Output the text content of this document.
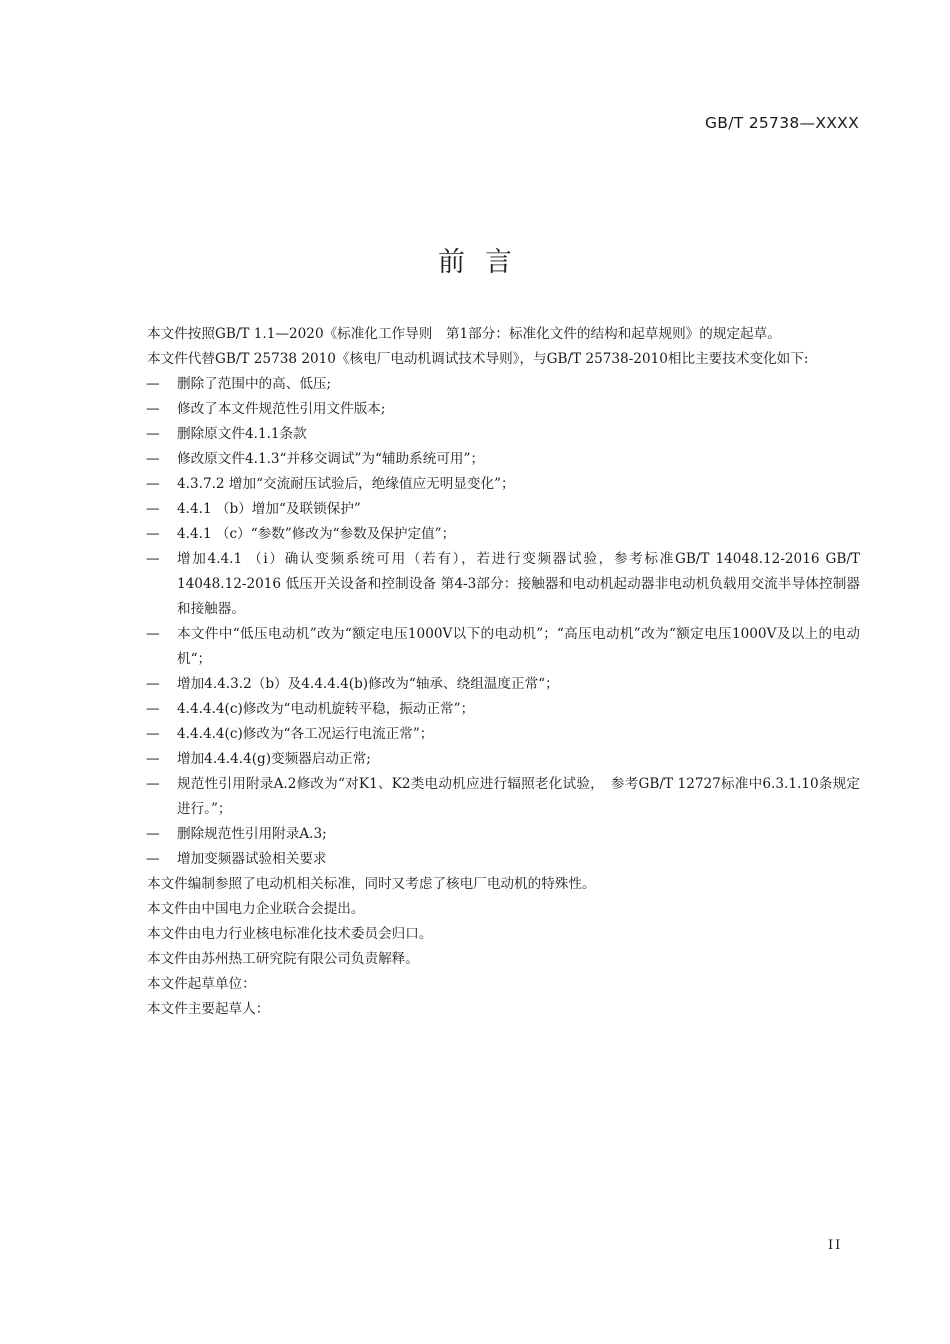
GB/T 25738—XXXX
前言

本文件按照GB/T 1.1—2020《标准化工作导则　第1部分：标准化文件的结构和起草规则》的规定起草。

本文件代替GB/T 25738 2010《核电厂电动机调试技术导则》，与GB/T 25738-2010相比主要技术变化如下:

— 删除了范围中的高、低压;
— 修改了本文件规范性引用文件版本;
— 删除原文件4.1.1条款
— 修改原文件4.1.3“并移交调试”为“辅助系统可用”；
— 4.3.7.2 增加“交流耐压试验后，绝缘值应无明显变化”；
— 4.4.1 （b）增加“及联锁保护”
— 4.4.1 （c）“参数”修改为“参数及保护定值”；
— 增加4.4.1 （i）确认变频系统可用（若有），若进行变频器试验，参考标准GB/T 14048.12-2016 GB/T 14048.12-2016 低压开关设备和控制设备 第4-3部分：接触器和电动机起动器非电动机负载用交流半导体控制器和接触器。
— 本文件中“低压电动机”改为“额定电压1000V以下的电动机”；“高压电动机”改为“额定电压1000V及以上的电动机“；
— 增加4.4.3.2（b）及4.4.4.4(b)修改为“轴承、绕组温度正常“；
— 4.4.4.4(c)修改为“电动机旋转平稳，振动正常”；
— 4.4.4.4(c)修改为“各工况运行电流正常”；
— 增加4.4.4.4(g)变频器启动正常;
— 规范性引用附录A.2修改为“对K1、K2类电动机应进行辐照老化试验，　参考GB/T 12727标准中6.3.1.10条规定进行。”；
— 删除规范性引用附录A.3;
— 增加变频器试验相关要求

本文件编制参照了电动机相关标准，同时又考虑了核电厂电动机的特殊性。

本文件由中国电力企业联合会提出。

本文件由电力行业核电标准化技术委员会归口。

本文件由苏州热工研究院有限公司负责解释。

本文件起草单位：

本文件主要起草人：

II
